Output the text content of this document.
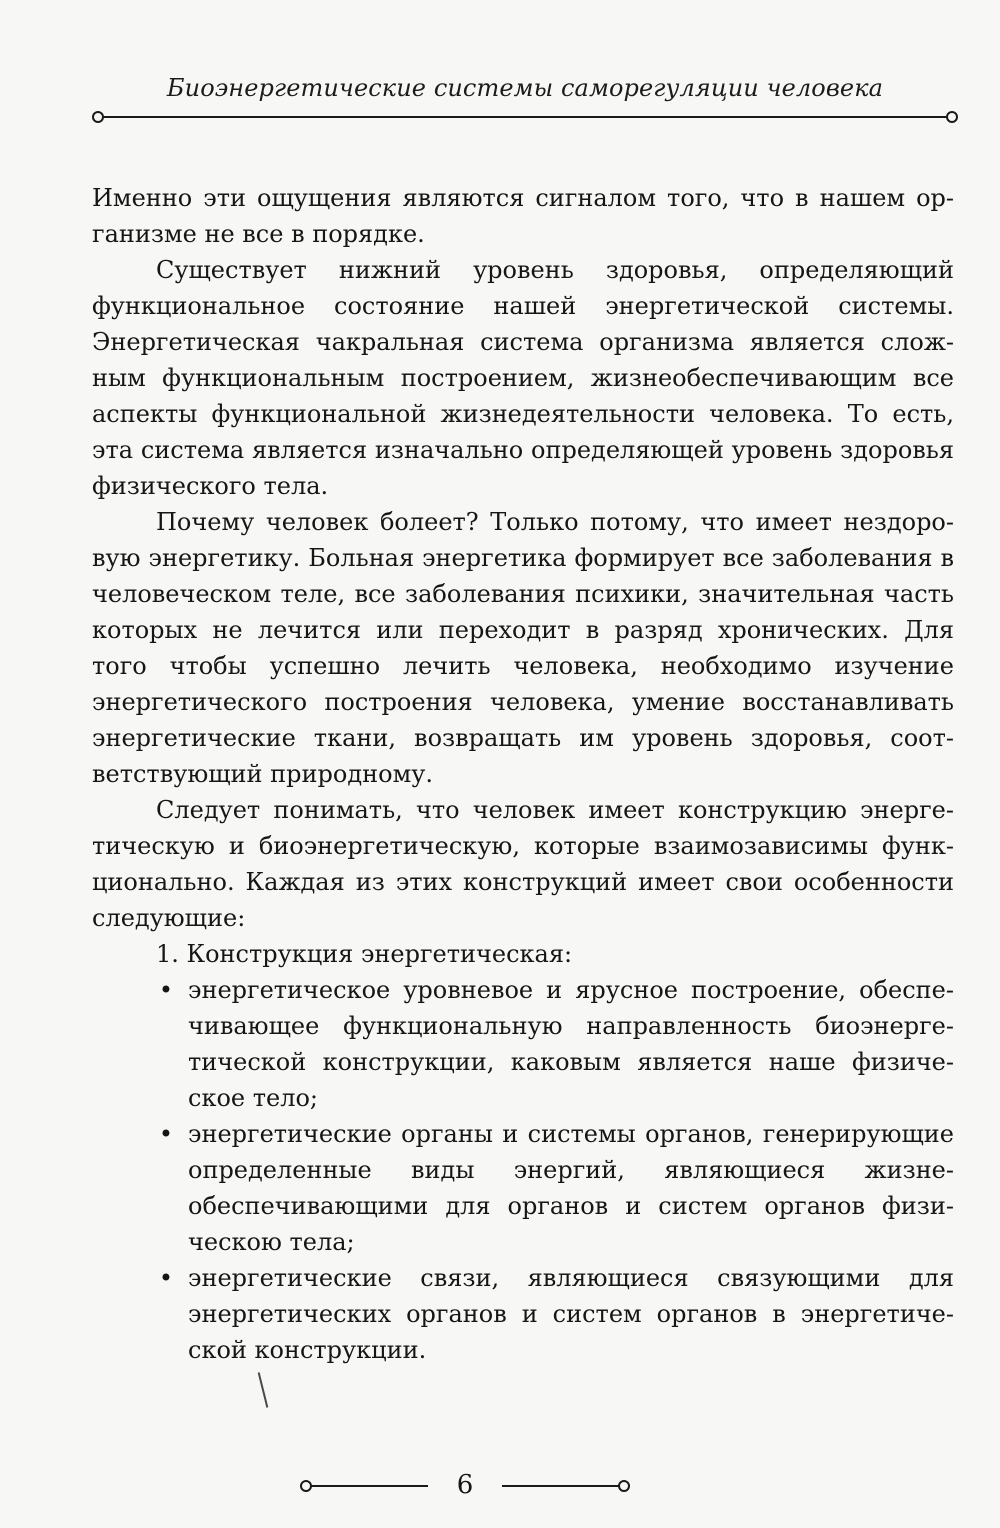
Биоэнергетические системы саморегуляции человека

Именно эти ощущения являются сигналом того, что в нашем организме не все в порядке.

Существует нижний уровень здоровья, определяющий функциональное состояние нашей энергетической системы. Энергетическая чакральная система организма является сложным функциональным построением, жизнеобеспечивающим все аспекты функциональной жизнедеятельности человека. То есть, эта система является изначально определяющей уровень здоровья физического тела.

Почему человек болеет? Только потому, что имеет нездоровую энергетику. Больная энергетика формирует все заболевания в человеческом теле, все заболевания психики, значительная часть которых не лечится или переходит в разряд хронических. Для того чтобы успешно лечить человека, необходимо изучение энергетического построения человека, умение восстанавливать энергетические ткани, возвращать им уровень здоровья, соответствующий природному.

Следует понимать, что человек имеет конструкцию энергетическую и биоэнергетическую, которые взаимозависимы функционально. Каждая из этих конструкций имеет свои особенности следующие:

1. Конструкция энергетическая:

• энергетическое уровневое и ярусное построение, обеспечивающее функциональную направленность биоэнергетической конструкции, каковым является наше физическое тело;
• энергетические органы и системы органов, генерирующие определенные виды энергий, являющиеся жизнеобеспечивающими для органов и систем органов физическою тела;
• энергетические связи, являющиеся связующими для энергетических органов и систем органов в энергетической конструкции.
6
